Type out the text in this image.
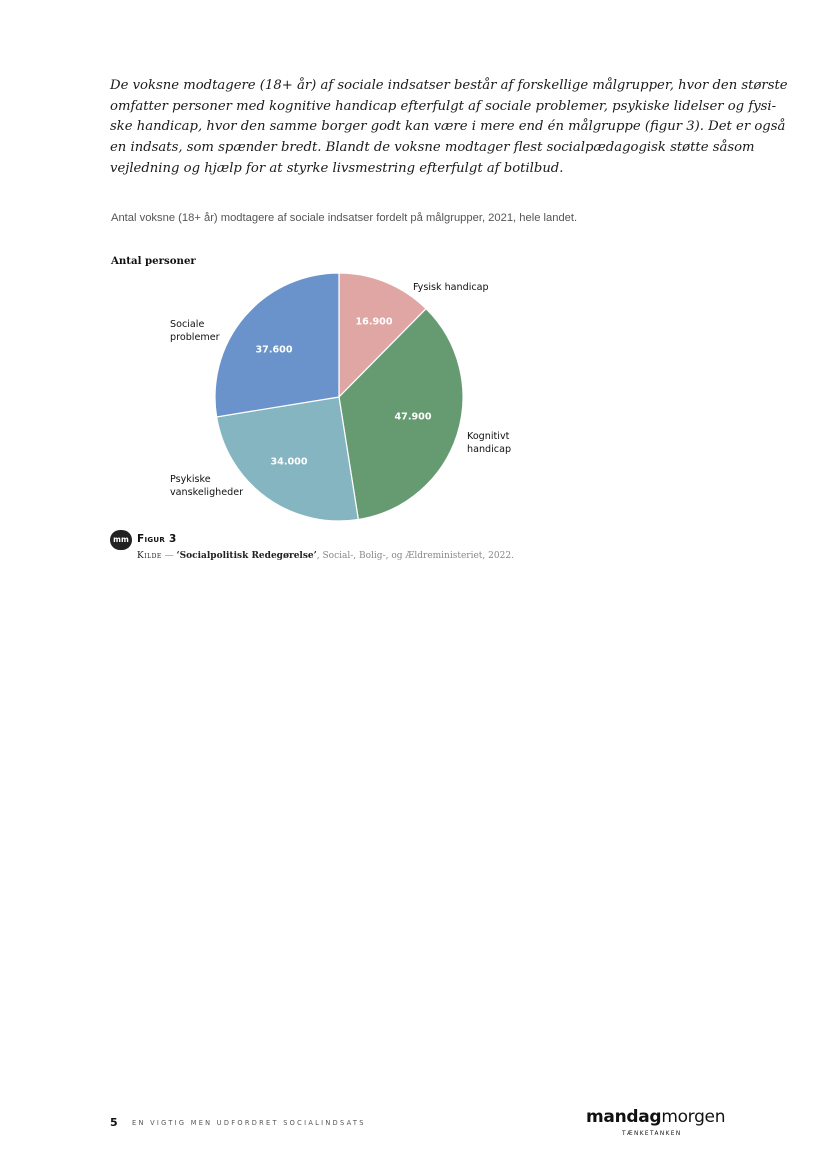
De voksne modtagere (18+ år) af sociale indsatser består af forskellige målgrupper, hvor den største
omfatter personer med kognitive handicap efterfulgt af sociale problemer, psykiske lidelser og fysi-
ske handicap, hvor den samme borger godt kan være i mere end én målgruppe (figur 3). Det er også
en indsats, som spænder bredt. Blandt de voksne modtager flest socialpædagogisk støtte såsom
vejledning og hjælp for at styrke livsmestring efterfulgt af botilbud.
Antal voksne (18+ år) modtagere af sociale indsatser fordelt på målgrupper, 2021, hele landet.
Antal personer
Fysisk handicap
Kognitivt handicap
Psykiske vanskeligheder
Sociale problemer
16.900
47.900
34.000
37.600
mm Figur 3
Kilde — ‘Socialpolitisk Redegørelse’, Social-, Bolig-, og Ældreministeriet, 2022.
5 EN VIGTIG MEN UDFORDRET SOCIALINDSATS	mandagmorgen
TÆNKETANKEN
